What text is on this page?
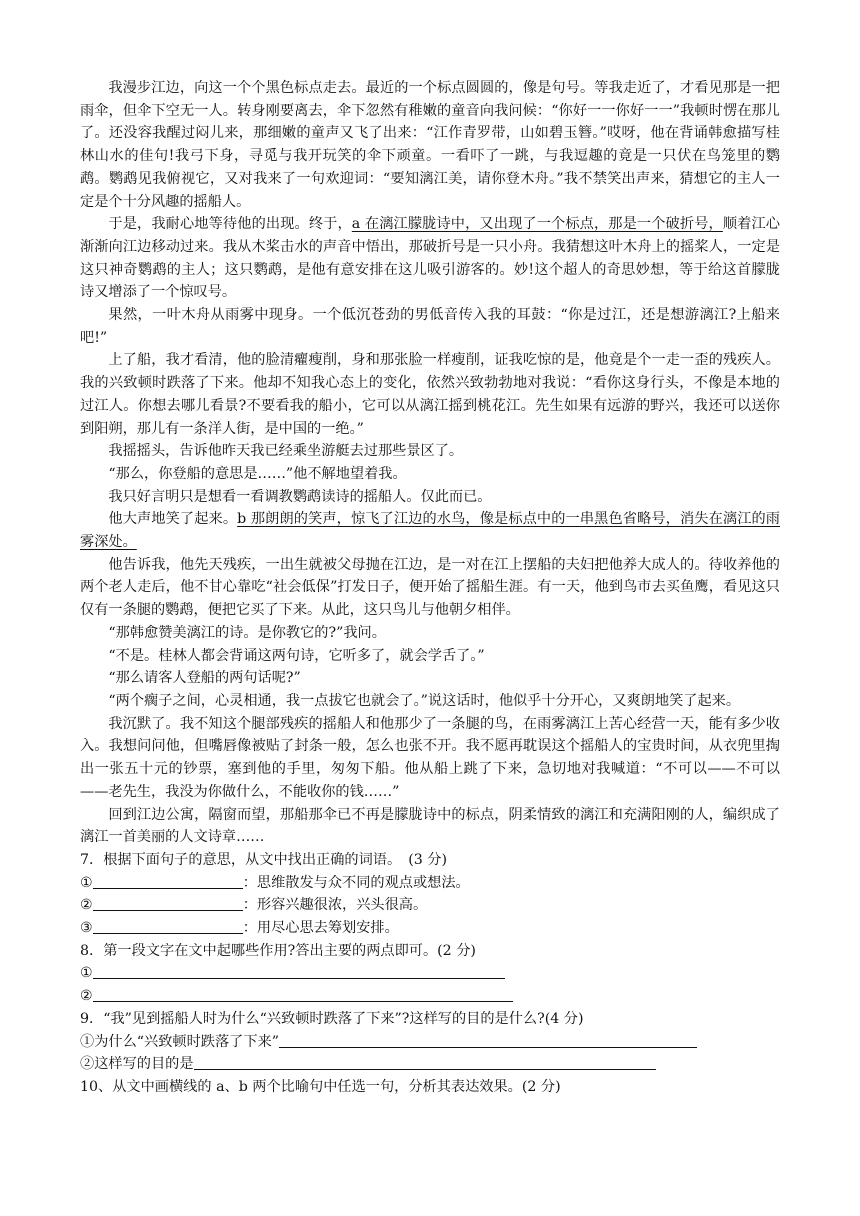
我漫步江边，向这一个个黑色标点走去。最近的一个标点圆圆的，像是句号。等我走近了，才看见那是一把雨伞，但伞下空无一人。转身刚要离去，伞下忽然有稚嫩的童音向我问候：“你好一一你好一一”我顿时愣在那儿了。还没容我醒过闷儿来，那细嫩的童声又飞了出来：“江作青罗带，山如碧玉簪。”哎呀，他在背诵韩愈描写桂林山水的佳句!我弓下身，寻觅与我开玩笑的伞下顽童。一看吓了一跳，与我逗趣的竟是一只伏在鸟笼里的鹦鹉。鹦鹉见我俯视它，又对我来了一句欢迎词：“要知漓江美，请你登木舟。”我不禁笑出声来，猜想它的主人一定是个十分风趣的摇船人。

于是，我耐心地等待他的出现。终于，a 在漓江朦胧诗中，又出现了一个标点，那是一个破折号，顺着江心渐渐向江边移动过来。我从木桨击水的声音中悟出，那破折号是一只小舟。我猜想这叶木舟上的摇桨人，一定是这只神奇鹦鹉的主人；这只鹦鹉，是他有意安排在这儿吸引游客的。妙!这个超人的奇思妙想，等于给这首朦胧诗又增添了一个惊叹号。

果然，一叶木舟从雨雾中现身。一个低沉苍劲的男低音传入我的耳鼓：“你是过江，还是想游漓江?上船来吧!”

上了船，我才看清，他的脸清癯瘦削，身和那张脸一样瘦削，证我吃惊的是，他竟是个一走一歪的残疾人。我的兴致顿时跌落了下来。他却不知我心态上的变化，依然兴致勃勃地对我说：“看你这身行头，不像是本地的过江人。你想去哪儿看景?不要看我的船小，它可以从漓江摇到桃花江。先生如果有远游的野兴，我还可以送你到阳朔，那儿有一条洋人街，是中国的一绝。”

我摇摇头，告诉他昨天我已经乘坐游艇去过那些景区了。

“那么，你登船的意思是……”他不解地望着我。

我只好言明只是想看一看调教鹦鹉读诗的摇船人。仅此而已。

他大声地笑了起来。b 那朗朗的笑声，惊飞了江边的水鸟，像是标点中的一串黑色省略号，消失在漓江的雨雾深处。

他告诉我，他先天残疾，一出生就被父母抛在江边，是一对在江上摆船的夫妇把他养大成人的。待收养他的两个老人走后，他不甘心靠吃“社会低保”打发日子，便开始了摇船生涯。有一天，他到鸟市去买鱼鹰，看见这只仅有一条腿的鹦鹉，便把它买了下来。从此，这只鸟儿与他朝夕相伴。

“那韩愈赞美漓江的诗。是你教它的?”我问。

“不是。桂林人都会背诵这两句诗，它听多了，就会学舌了。”

“那么请客人登船的两句话呢?”

“两个瘸子之间，心灵相通，我一点拔它也就会了。”说这话时，他似乎十分开心，又爽朗地笑了起来。

我沉默了。我不知这个腿部残疾的摇船人和他那少了一条腿的鸟，在雨雾漓江上苦心经营一天，能有多少收入。我想问问他，但嘴唇像被贴了封条一般，怎么也张不开。我不愿再耽误这个摇船人的宝贵时间，从衣兜里掏出一张五十元的钞票，塞到他的手里，匆匆下船。他从船上跳了下来，急切地对我喊道：“不可以——不可以——老先生，我没为你做什么，不能收你的钱……”

回到江边公寓，隔窗而望，那船那伞已不再是朦胧诗中的标点，阴柔情致的漓江和充满阳刚的人，编织成了漓江一首美丽的人文诗章……

7．根据下面句子的意思，从文中找出正确的词语。　(3 分)

①	：思维散发与众不同的观点或想法。

②	：形容兴趣很浓，兴头很高。

③	：用尽心思去筹划安排。

8．第一段文字在文中起哪些作用?答出主要的两点即可。(2 分)

①

②

9．“我”见到摇船人时为什么“兴致顿时跌落了下来”?这样写的目的是什么?(4 分)

①为什么“兴致顿时跌落了下来”

②这样写的目的是

10、从文中画横线的 a、b 两个比喻句中任选一句，分析其表达效果。(2 分)
